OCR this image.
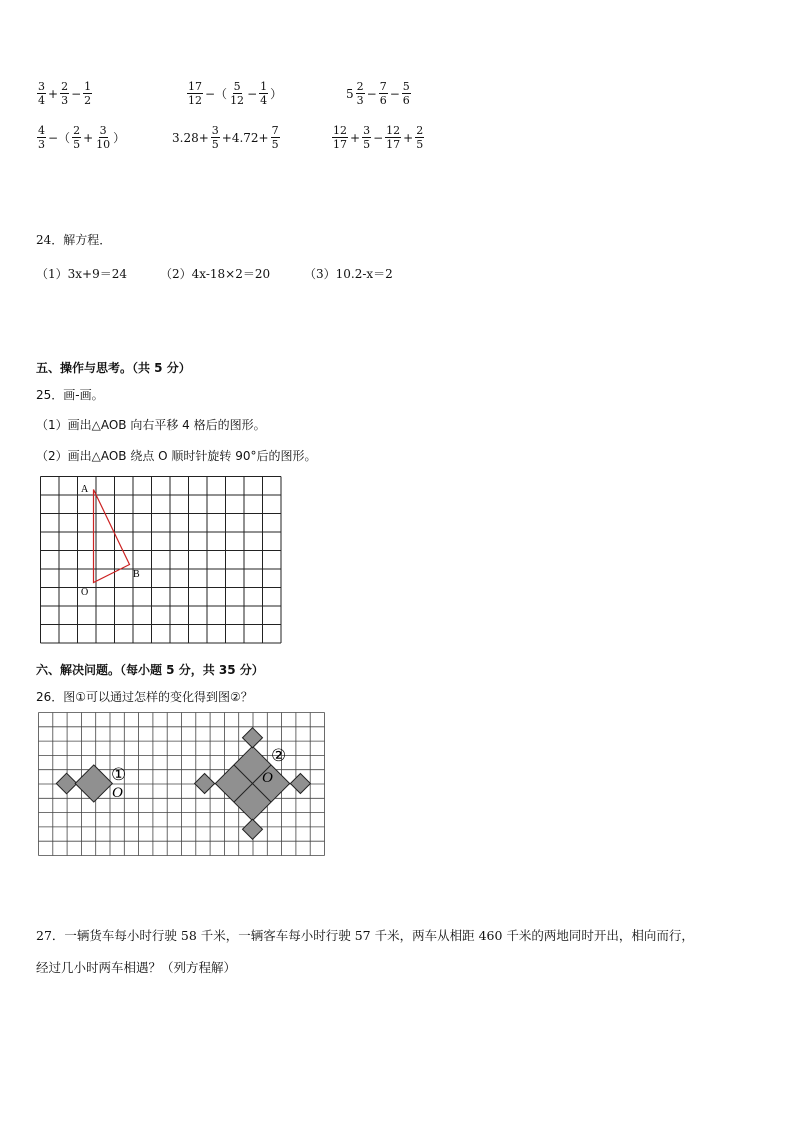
$\frac{3}{4} + \frac{2}{3} - \frac{1}{2}$	$\frac{17}{12}$ −（ $\frac{5}{12} - \frac{1}{4}$ ）	$5 \frac{2}{3} - \frac{7}{6} - \frac{5}{6}$
$\frac{4}{3}$ −（ $\frac{2}{5} + \frac{3}{10}$ ）	$3.28+ \frac{3}{5} +4.72+ \frac{7}{5}$	$\frac{12}{17} + \frac{3}{5} - \frac{12}{17} + \frac{2}{5}$
24．解方程．
（1）3x+9＝24	（2）4x-18×2＝20	（3）10.2-x＝2
五、操作与思考。（共 5 分）
25．画-画。
（1）画出△AOB 向右平移 4 格后的图形。
（2）画出△AOB 绕点 O 顺时针旋转 90°后的图形。
A
B
O
六、解决问题。（每小题 5 分，共 35 分）
26．图①可以通过怎样的变化得到图②？
①
O
②
O
27．一辆货车每小时行驶 58 千米，一辆客车每小时行驶 57 千米，两车从相距 460 千米的两地同时开出，相向而行，
经过几小时两车相遇？（列方程解）
